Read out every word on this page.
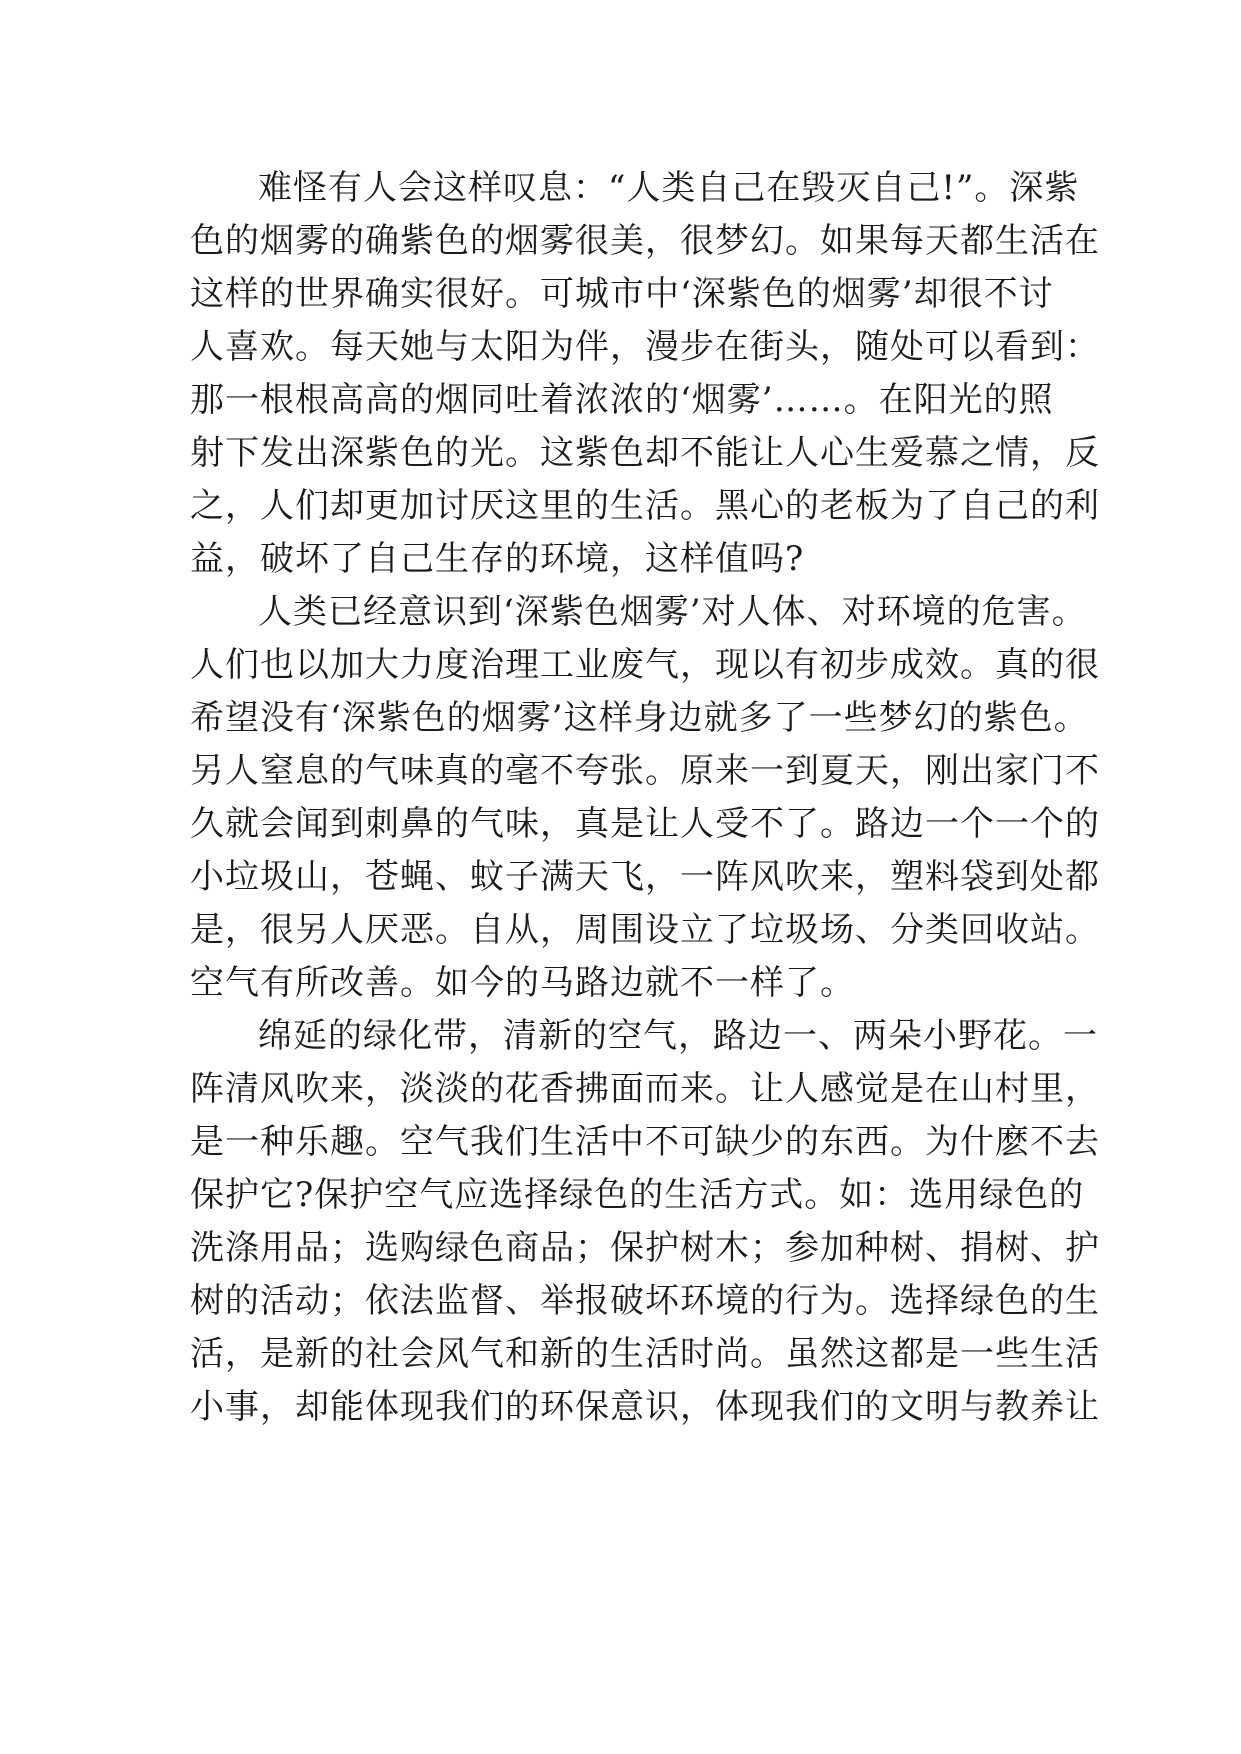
难怪有人会这样叹息：“人类自己在毁灭自己!”。深紫
色的烟雾的确紫色的烟雾很美，很梦幻。如果每天都生活在
这样的世界确实很好。可城市中‘深紫色的烟雾’却很不讨
人喜欢。每天她与太阳为伴，漫步在街头，随处可以看到：
那一根根高高的烟同吐着浓浓的‘烟雾’……。在阳光的照
射下发出深紫色的光。这紫色却不能让人心生爱慕之情，反
之，人们却更加讨厌这里的生活。黑心的老板为了自己的利
益，破坏了自己生存的环境，这样值吗?
人类已经意识到‘深紫色烟雾’对人体、对环境的危害。
人们也以加大力度治理工业废气，现以有初步成效。真的很
希望没有‘深紫色的烟雾’这样身边就多了一些梦幻的紫色。
另人窒息的气味真的毫不夸张。原来一到夏天，刚出家门不
久就会闻到刺鼻的气味，真是让人受不了。路边一个一个的
小垃圾山，苍蝇、蚊子满天飞，一阵风吹来，塑料袋到处都
是，很另人厌恶。自从，周围设立了垃圾场、分类回收站。
空气有所改善。如今的马路边就不一样了。
绵延的绿化带，清新的空气，路边一、两朵小野花。一
阵清风吹来，淡淡的花香拂面而来。让人感觉是在山村里，
是一种乐趣。空气我们生活中不可缺少的东西。为什麽不去
保护它?保护空气应选择绿色的生活方式。如：选用绿色的
洗涤用品；选购绿色商品；保护树木；参加种树、捐树、护
树的活动；依法监督、举报破坏环境的行为。选择绿色的生
活，是新的社会风气和新的生活时尚。虽然这都是一些生活
小事，却能体现我们的环保意识，体现我们的文明与教养让
